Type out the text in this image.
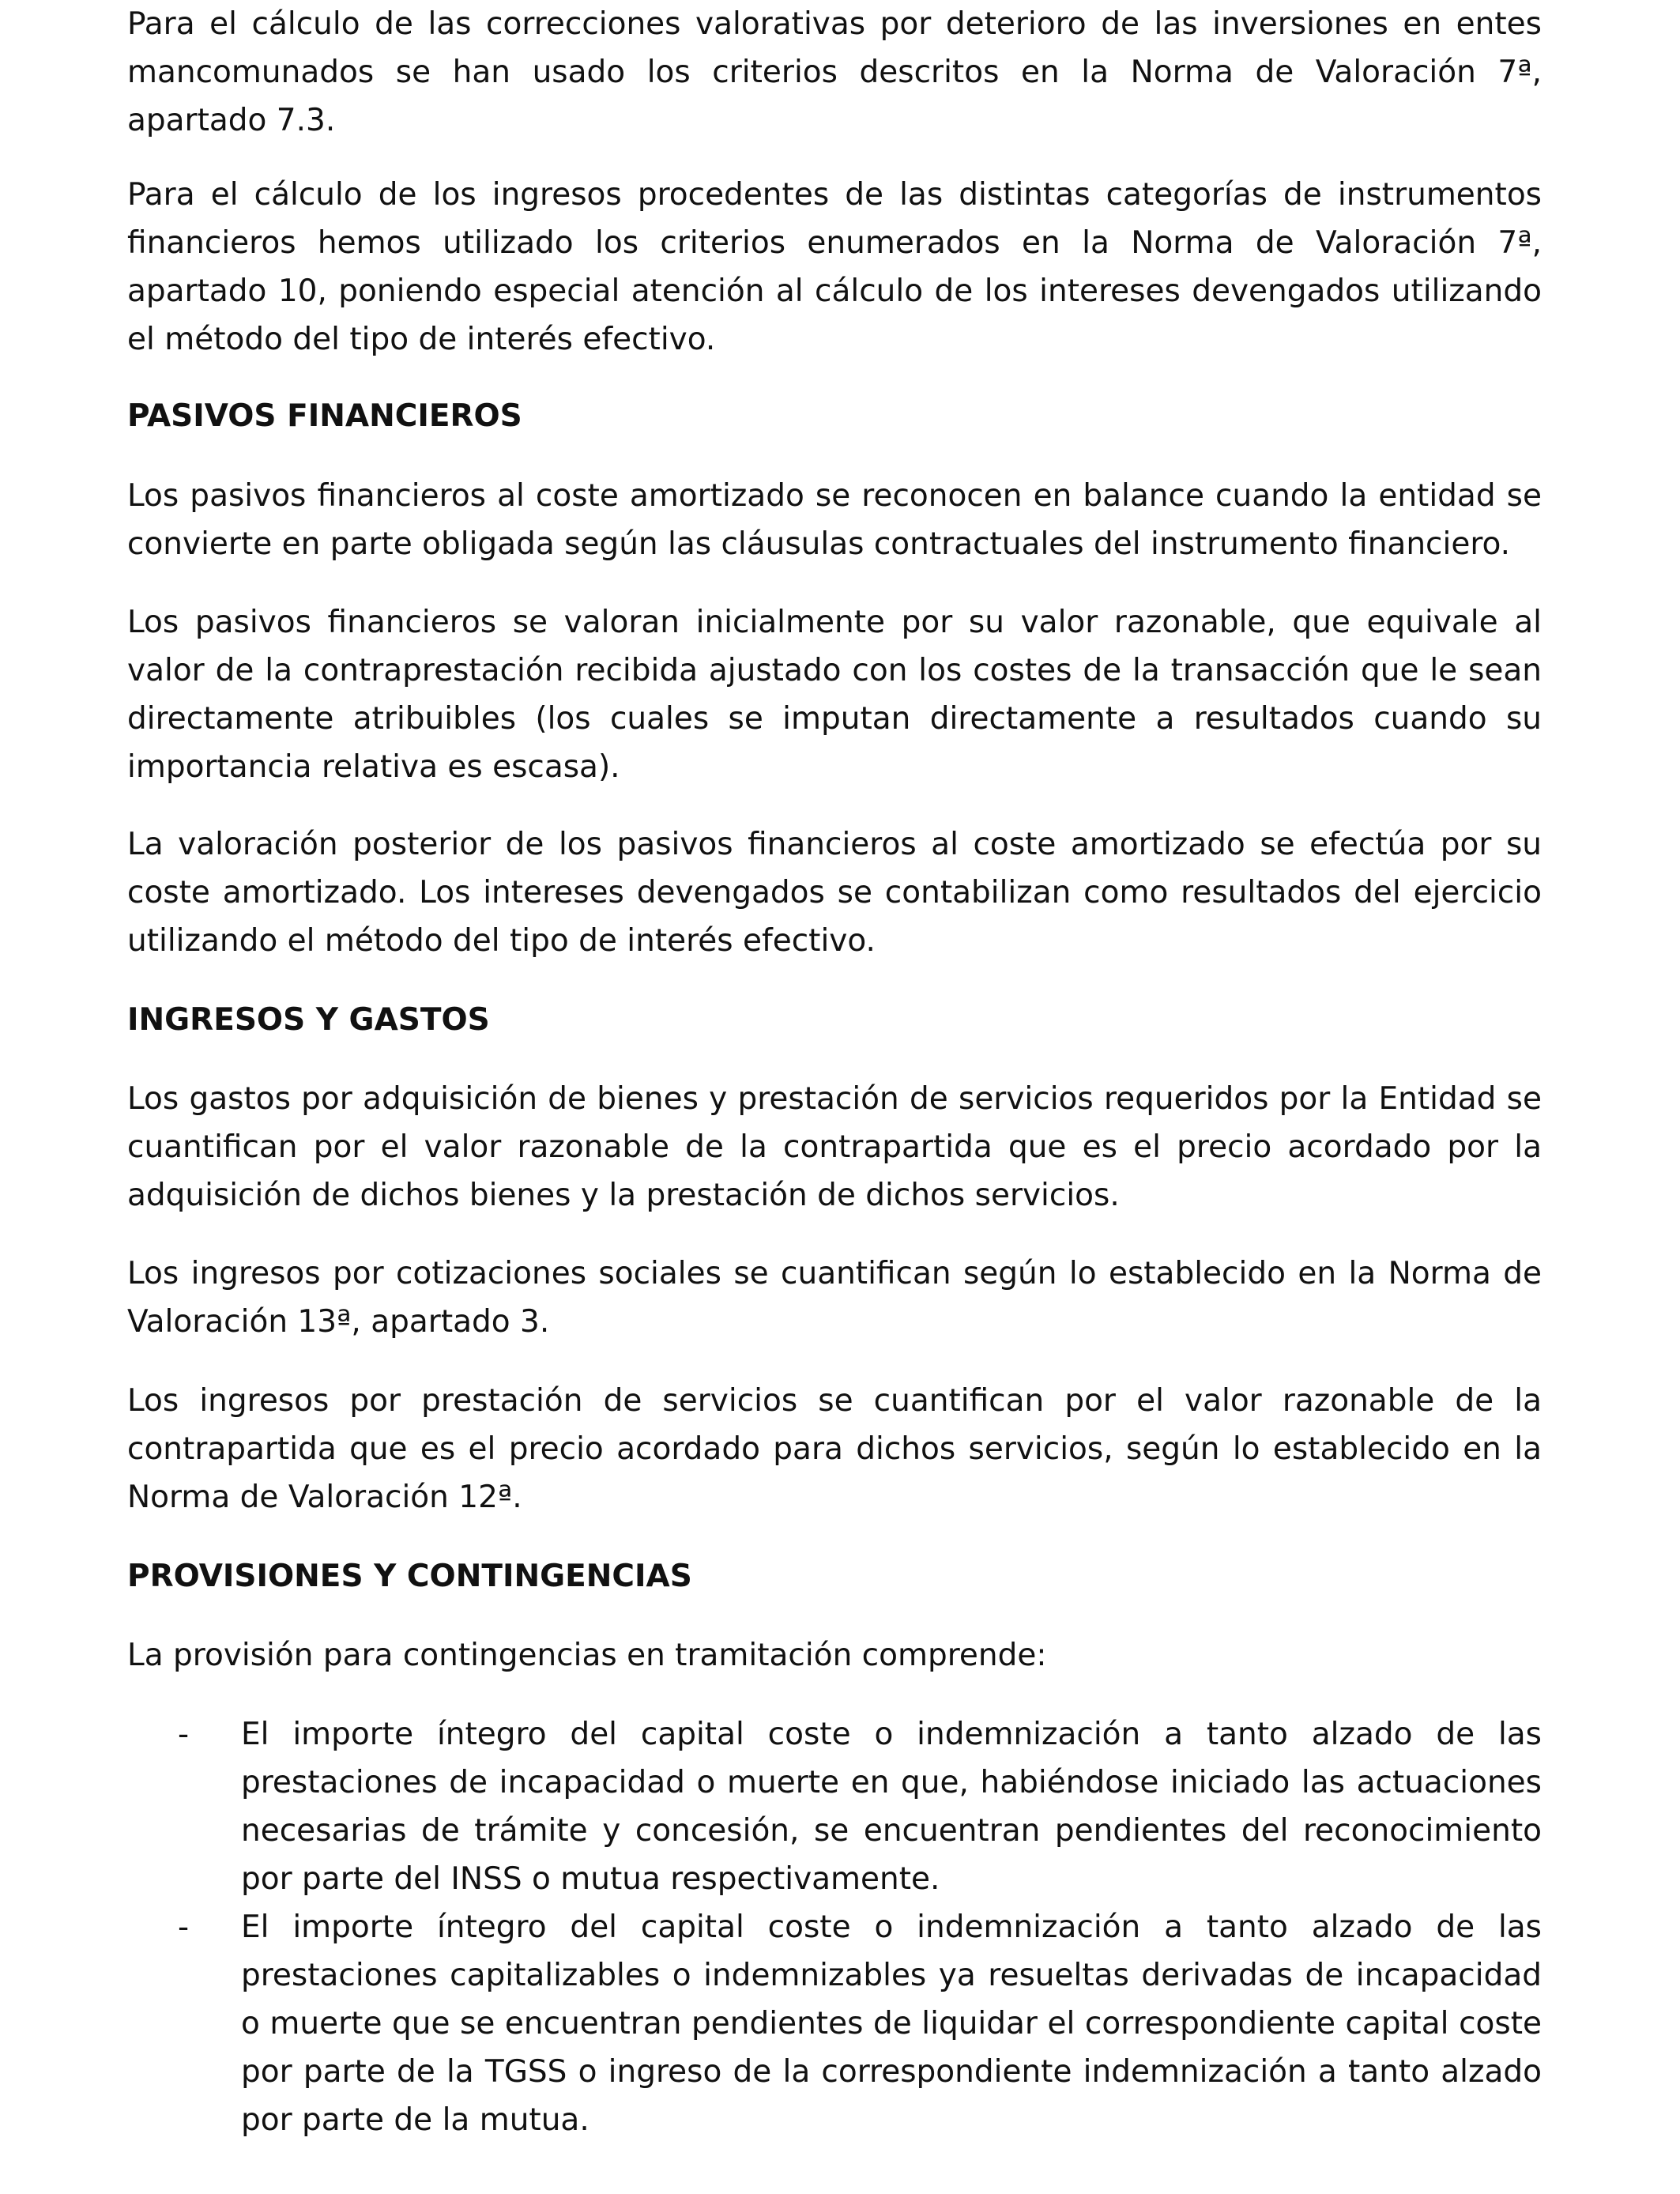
Para el cálculo de las correcciones valorativas por deterioro de las inversiones en entes mancomunados se han usado los criterios descritos en la Norma de Valoración 7ª, apartado 7.3.

Para el cálculo de los ingresos procedentes de las distintas categorías de instrumentos financieros hemos utilizado los criterios enumerados en la Norma de Valoración 7ª, apartado 10, poniendo especial atención al cálculo de los intereses devengados utilizando el método del tipo de interés efectivo.

PASIVOS FINANCIEROS

Los pasivos financieros al coste amortizado se reconocen en balance cuando la entidad se convierte en parte obligada según las cláusulas contractuales del instrumento financiero.

Los pasivos financieros se valoran inicialmente por su valor razonable, que equivale al valor de la contraprestación recibida ajustado con los costes de la transacción que le sean directamente atribuibles (los cuales se imputan directamente a resultados cuando su importancia relativa es escasa).

La valoración posterior de los pasivos financieros al coste amortizado se efectúa por su coste amortizado. Los intereses devengados se contabilizan como resultados del ejercicio utilizando el método del tipo de interés efectivo.

INGRESOS Y GASTOS

Los gastos por adquisición de bienes y prestación de servicios requeridos por la Entidad se cuantifican por el valor razonable de la contrapartida que es el precio acordado por la adquisición de dichos bienes y la prestación de dichos servicios.

Los ingresos por cotizaciones sociales se cuantifican según lo establecido en la Norma de Valoración 13ª, apartado 3.

Los ingresos por prestación de servicios se cuantifican por el valor razonable de la contrapartida que es el precio acordado para dichos servicios, según lo establecido en la Norma de Valoración 12ª.

PROVISIONES Y CONTINGENCIAS

La provisión para contingencias en tramitación comprende:

- El importe íntegro del capital coste o indemnización a tanto alzado de las prestaciones de incapacidad o muerte en que, habiéndose iniciado las actuaciones necesarias de trámite y concesión, se encuentran pendientes del reconocimiento por parte del INSS o mutua respectivamente.

- El importe íntegro del capital coste o indemnización a tanto alzado de las prestaciones capitalizables o indemnizables ya resueltas derivadas de incapacidad o muerte que se encuentran pendientes de liquidar el correspondiente capital coste por parte de la TGSS o ingreso de la correspondiente indemnización a tanto alzado por parte de la mutua.
